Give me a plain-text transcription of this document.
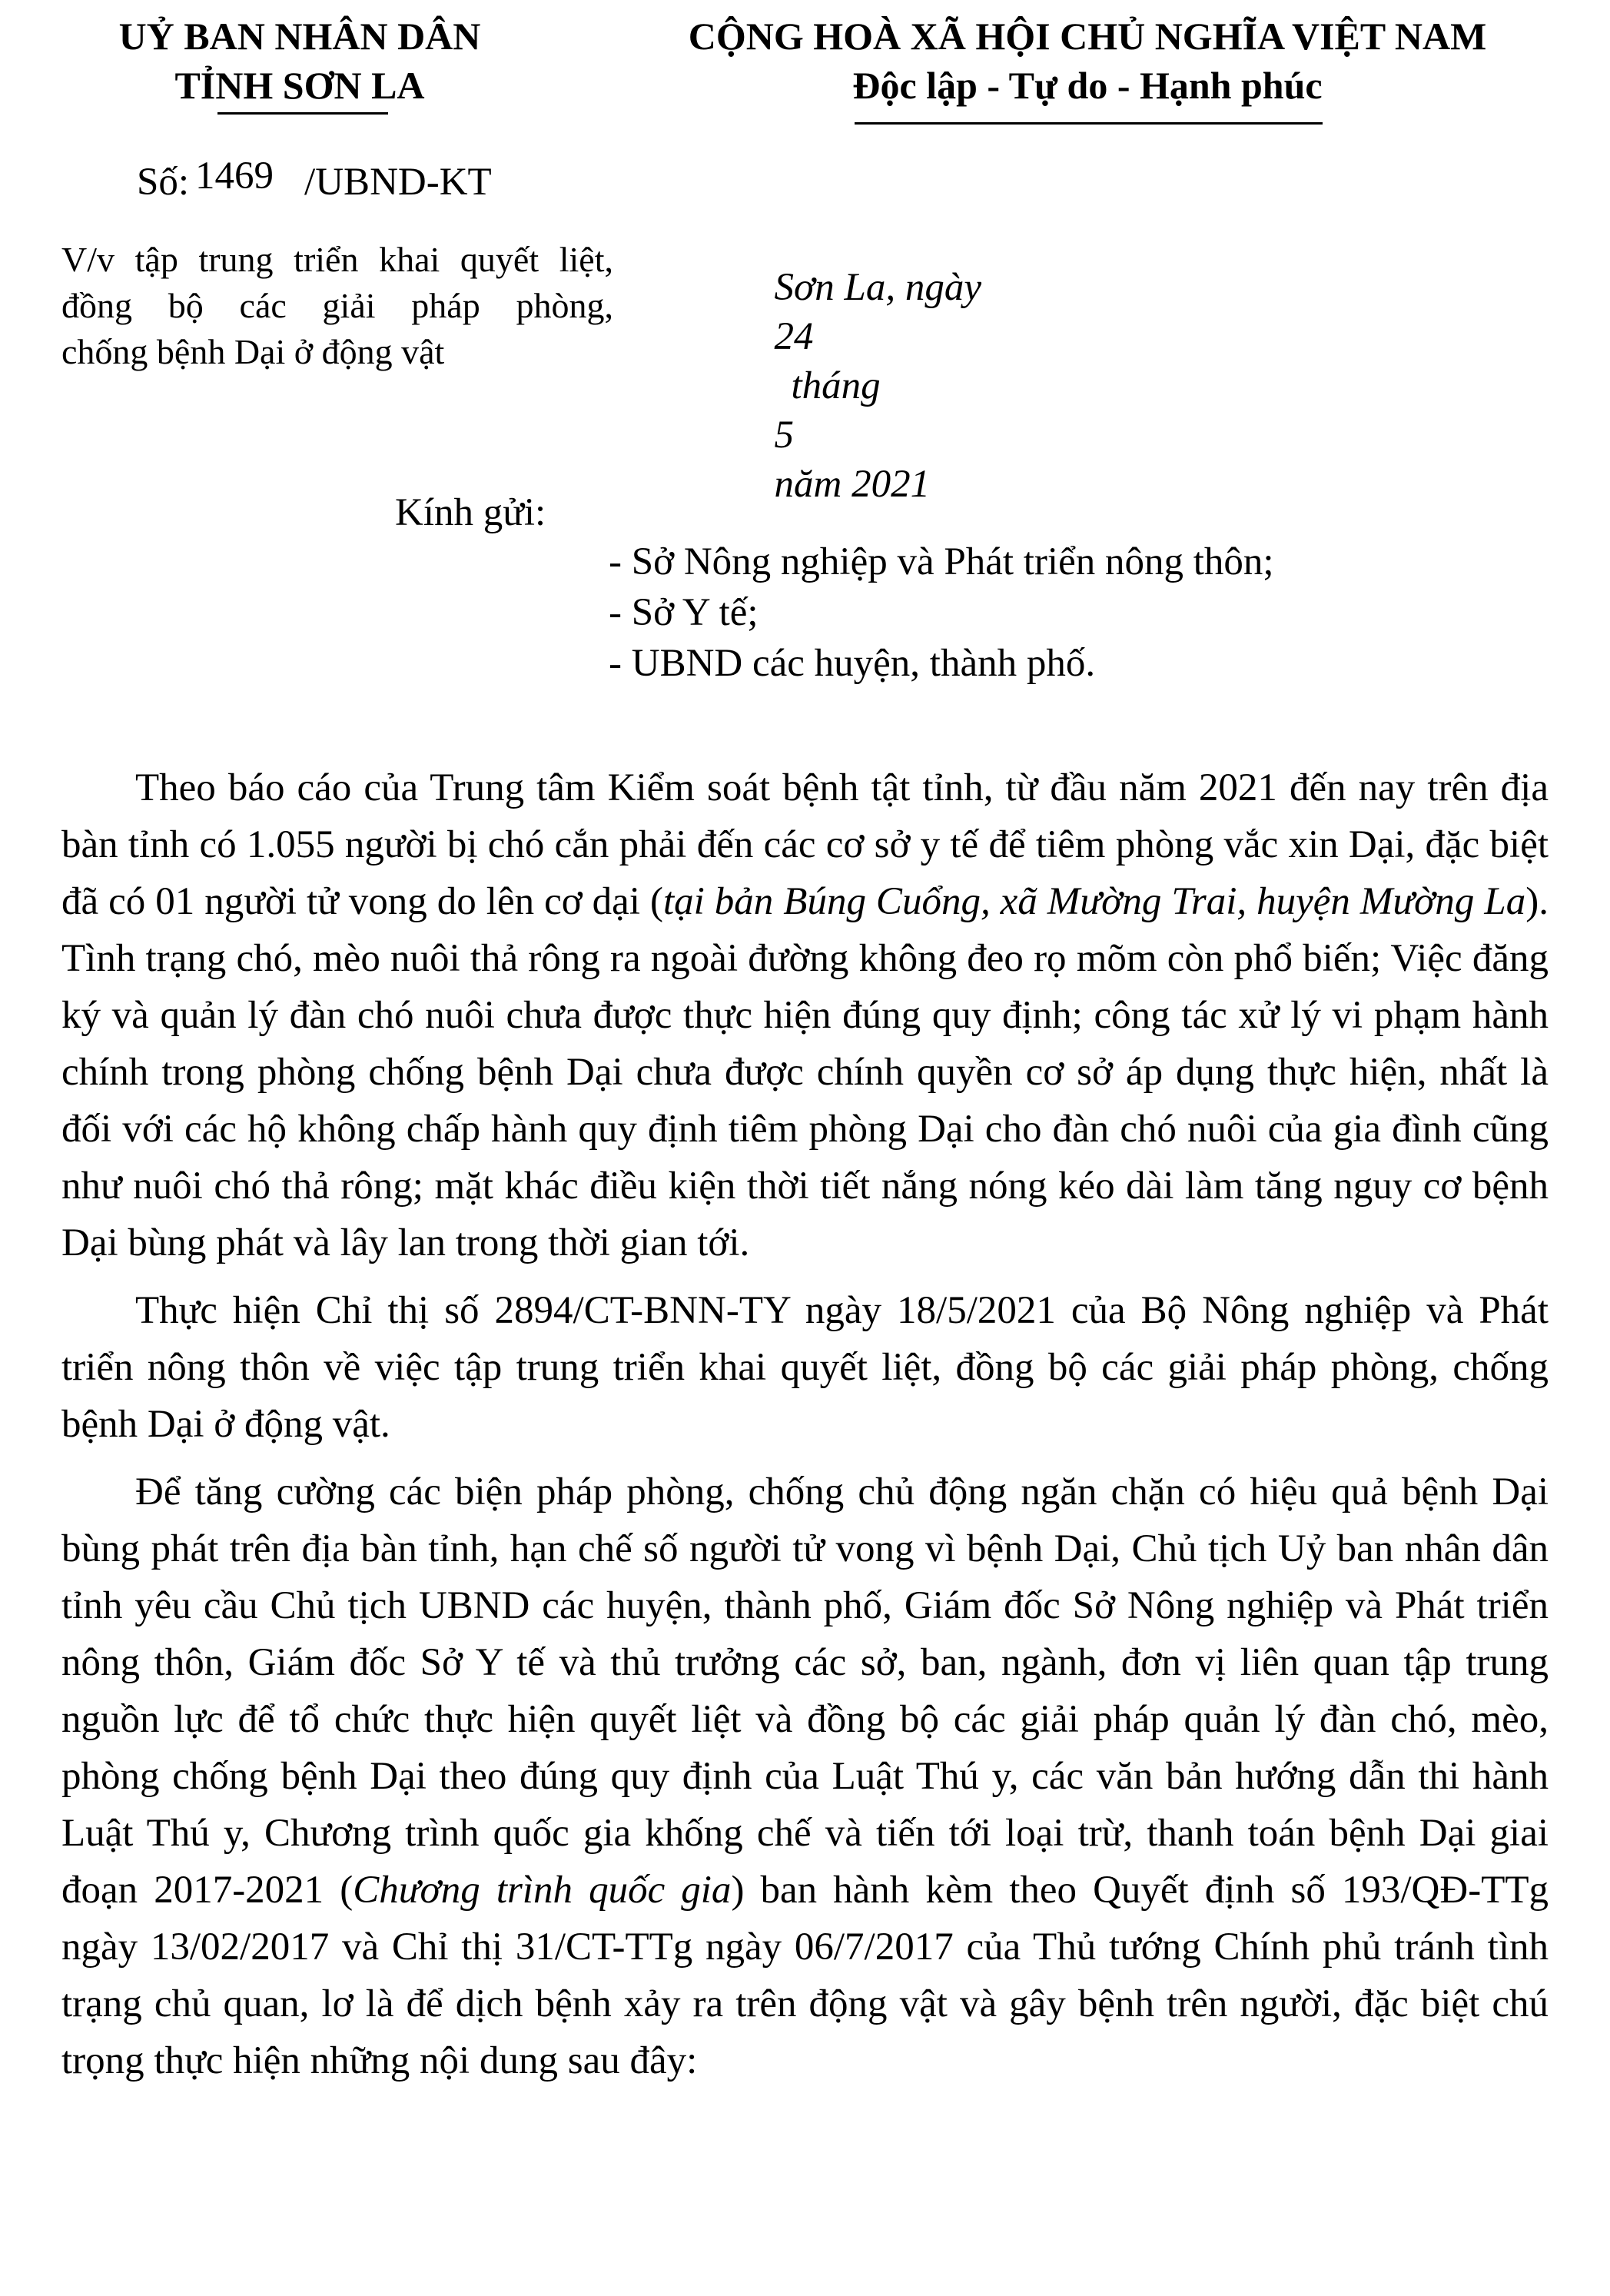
UỶ BAN NHÂN DÂN
TỈNH SƠN LA
CỘNG HOÀ XÃ HỘI CHỦ NGHĨA VIỆT NAM
Độc lập - Tự do - Hạnh phúc
Số: 1469 /UBND-KT
V/v tập trung triển khai quyết liệt,
đồng bộ các giải pháp phòng,
chống bệnh Dại ở động vật

Sơn La, ngày
24
tháng
5
năm 2021

Kính gửi:
- Sở Nông nghiệp và Phát triển nông thôn;
- Sở Y tế;
- UBND các huyện, thành phố.

Theo báo cáo của Trung tâm Kiểm soát bệnh tật tỉnh, từ đầu năm 2021 đến nay trên địa bàn tỉnh có 1.055 người bị chó cắn phải đến các cơ sở y tế để tiêm phòng vắc xin Dại, đặc biệt đã có 01 người tử vong do lên cơ dại (tại bản Búng Cuổng, xã Mường Trai, huyện Mường La). Tình trạng chó, mèo nuôi thả rông ra ngoài đường không đeo rọ mõm còn phổ biến; Việc đăng ký và quản lý đàn chó nuôi chưa được thực hiện đúng quy định; công tác xử lý vi phạm hành chính trong phòng chống bệnh Dại chưa được chính quyền cơ sở áp dụng thực hiện, nhất là đối với các hộ không chấp hành quy định tiêm phòng Dại cho đàn chó nuôi của gia đình cũng như nuôi chó thả rông; mặt khác điều kiện thời tiết nắng nóng kéo dài làm tăng nguy cơ bệnh Dại bùng phát và lây lan trong thời gian tới.

Thực hiện Chỉ thị số 2894/CT-BNN-TY ngày 18/5/2021 của Bộ Nông nghiệp và Phát triển nông thôn về việc tập trung triển khai quyết liệt, đồng bộ các giải pháp phòng, chống bệnh Dại ở động vật.

Để tăng cường các biện pháp phòng, chống chủ động ngăn chặn có hiệu quả bệnh Dại bùng phát trên địa bàn tỉnh, hạn chế số người tử vong vì bệnh Dại, Chủ tịch Uỷ ban nhân dân tỉnh yêu cầu Chủ tịch UBND các huyện, thành phố, Giám đốc Sở Nông nghiệp và Phát triển nông thôn, Giám đốc Sở Y tế và thủ trưởng các sở, ban, ngành, đơn vị liên quan tập trung nguồn lực để tổ chức thực hiện quyết liệt và đồng bộ các giải pháp quản lý đàn chó, mèo, phòng chống bệnh Dại theo đúng quy định của Luật Thú y, các văn bản hướng dẫn thi hành Luật Thú y, Chương trình quốc gia khống chế và tiến tới loại trừ, thanh toán bệnh Dại giai đoạn 2017-2021 (Chương trình quốc gia) ban hành kèm theo Quyết định số 193/QĐ-TTg ngày 13/02/2017 và Chỉ thị 31/CT-TTg ngày 06/7/2017 của Thủ tướng Chính phủ tránh tình trạng chủ quan, lơ là để dịch bệnh xảy ra trên động vật và gây bệnh trên người, đặc biệt chú trọng thực hiện những nội dung sau đây:
